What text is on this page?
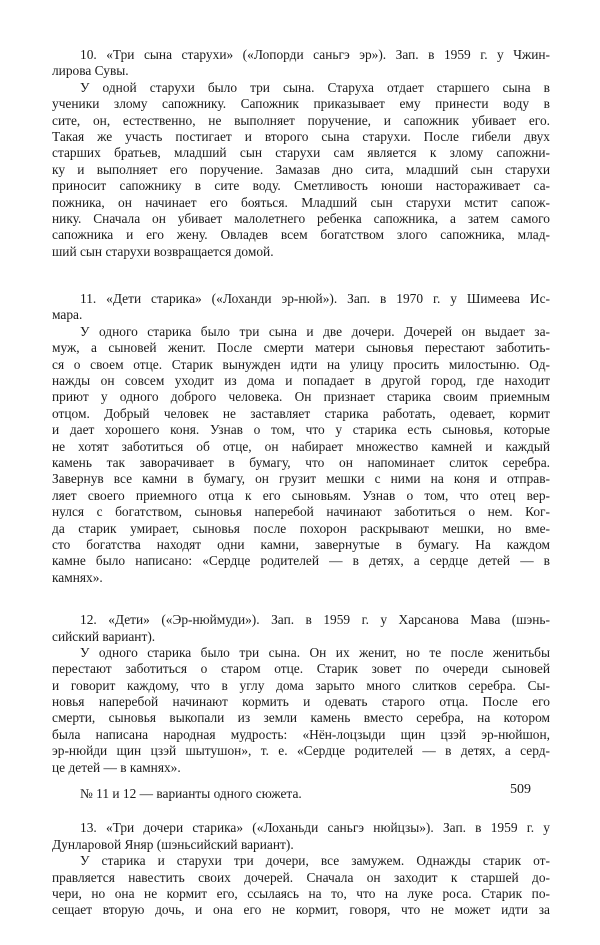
10. «Три сына старухи» («Лопорди саньгэ эр»). Зап. в 1959 г. у Чжин-
лирова Сувы.
У одной старухи было три сына. Старуха отдает старшего сына в
ученики злому сапожнику. Сапожник приказывает ему принести воду в
сите, он, естественно, не выполняет поручение, и сапожник убивает его.
Такая же участь постигает и второго сына старухи. После гибели двух
старших братьев, младший сын старухи сам является к злому сапожни-
ку и выполняет его поручение. Замазав дно сита, младший сын старухи
приносит сапожнику в сите воду. Сметливость юноши настораживает са-
пожника, он начинает его бояться. Младший сын старухи мстит сапож-
нику. Сначала он убивает малолетнего ребенка сапожника, а затем самого
сапожника и его жену. Овладев всем богатством злого сапожника, млад-
ший сын старухи возвращается домой.
11. «Дети старика» («Лоханди эр-нюй»). Зап. в 1970 г. у Шимеева Ис-
мара.
У одного старика было три сына и две дочери. Дочерей он выдает за-
муж, а сыновей женит. После смерти матери сыновья перестают заботить-
ся о своем отце. Старик вынужден идти на улицу просить милостыню. Од-
нажды он совсем уходит из дома и попадает в другой город, где находит
приют у одного доброго человека. Он признает старика своим приемным
отцом. Добрый человек не заставляет старика работать, одевает, кормит
и дает хорошего коня. Узнав о том, что у старика есть сыновья, которые
не хотят заботиться об отце, он набирает множество камней и каждый
камень так заворачивает в бумагу, что он напоминает слиток серебра.
Завернув все камни в бумагу, он грузит мешки с ними на коня и отправ-
ляет своего приемного отца к его сыновьям. Узнав о том, что отец вер-
нулся с богатством, сыновья наперебой начинают заботиться о нем. Ког-
да старик умирает, сыновья после похорон раскрывают мешки, но вме-
сто богатства находят одни камни, завернутые в бумагу. На каждом
камне было написано: «Сердце родителей — в детях, а сердце детей — в
камнях».
12. «Дети» («Эр-нюймуди»). Зап. в 1959 г. у Харсанова Мава (шэнь-
сийский вариант).
У одного старика было три сына. Он их женит, но те после женитьбы
перестают заботиться о старом отце. Старик зовет по очереди сыновей
и говорит каждому, что в углу дома зарыто много слитков серебра. Сы-
новья наперебой начинают кормить и одевать старого отца. После его
смерти, сыновья выкопали из земли камень вместо серебра, на котором
была написана народная мудрость: «Нён-лоцзыди щин цзэй эр-нюйшон,
эр-нюйди щин цзэй шытушон», т. е. «Сердце родителей — в детях, а серд-
це детей — в камнях».
№ 11 и 12 — варианты одного сюжета.
13. «Три дочери старика» («Лоханьди саньгэ нюйцзы»). Зап. в 1959 г. у
Дунларовой Яняр (шэньсийский вариант).
У старика и старухи три дочери, все замужем. Однажды старик от-
правляется навестить своих дочерей. Сначала он заходит к старшей до-
чери, но она не кормит его, ссылаясь на то, что на луке роса. Старик по-
сещает вторую дочь, и она его не кормит, говоря, что не может идти за
509
